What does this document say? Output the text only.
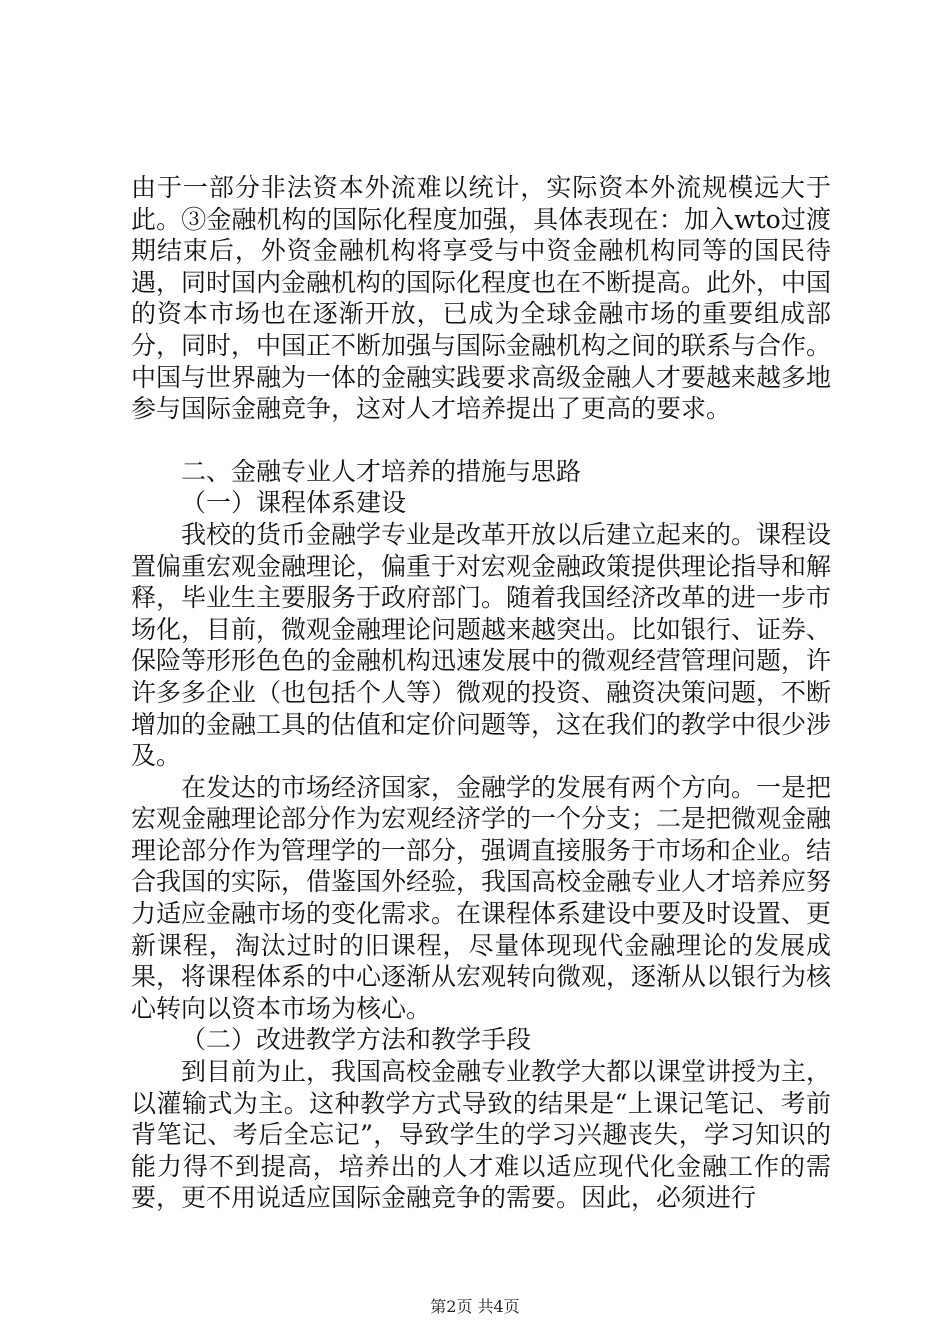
由于一部分非法资本外流难以统计，实际资本外流规模远大于此。③金融机构的国际化程度加强，具体表现在：加入wto过渡期结束后，外资金融机构将享受与中资金融机构同等的国民待遇，同时国内金融机构的国际化程度也在不断提高。此外，中国的资本市场也在逐渐开放，已成为全球金融市场的重要组成部分，同时，中国正不断加强与国际金融机构之间的联系与合作。中国与世界融为一体的金融实践要求高级金融人才要越来越多地参与国际金融竞争，这对人才培养提出了更高的要求。

二、金融专业人才培养的措施与思路

（一）课程体系建设

我校的货币金融学专业是改革开放以后建立起来的。课程设置偏重宏观金融理论，偏重于对宏观金融政策提供理论指导和解释，毕业生主要服务于政府部门。随着我国经济改革的进一步市场化，目前，微观金融理论问题越来越突出。比如银行、证券、保险等形形色色的金融机构迅速发展中的微观经营管理问题，许许多多企业（也包括个人等）微观的投资、融资决策问题，不断增加的金融工具的估值和定价问题等，这在我们的教学中很少涉及。

在发达的市场经济国家，金融学的发展有两个方向。一是把宏观金融理论部分作为宏观经济学的一个分支；二是把微观金融理论部分作为管理学的一部分，强调直接服务于市场和企业。结合我国的实际，借鉴国外经验，我国高校金融专业人才培养应努力适应金融市场的变化需求。在课程体系建设中要及时设置、更新课程，淘汰过时的旧课程，尽量体现现代金融理论的发展成果，将课程体系的中心逐渐从宏观转向微观，逐渐从以银行为核心转向以资本市场为核心。

（二）改进教学方法和教学手段

到目前为止，我国高校金融专业教学大都以课堂讲授为主，以灌输式为主。这种教学方式导致的结果是“上课记笔记、考前背笔记、考后全忘记”，导致学生的学习兴趣丧失，学习知识的能力得不到提高，培养出的人才难以适应现代化金融工作的需要，更不用说适应国际金融竞争的需要。因此，必须进行

第2页 共4页
